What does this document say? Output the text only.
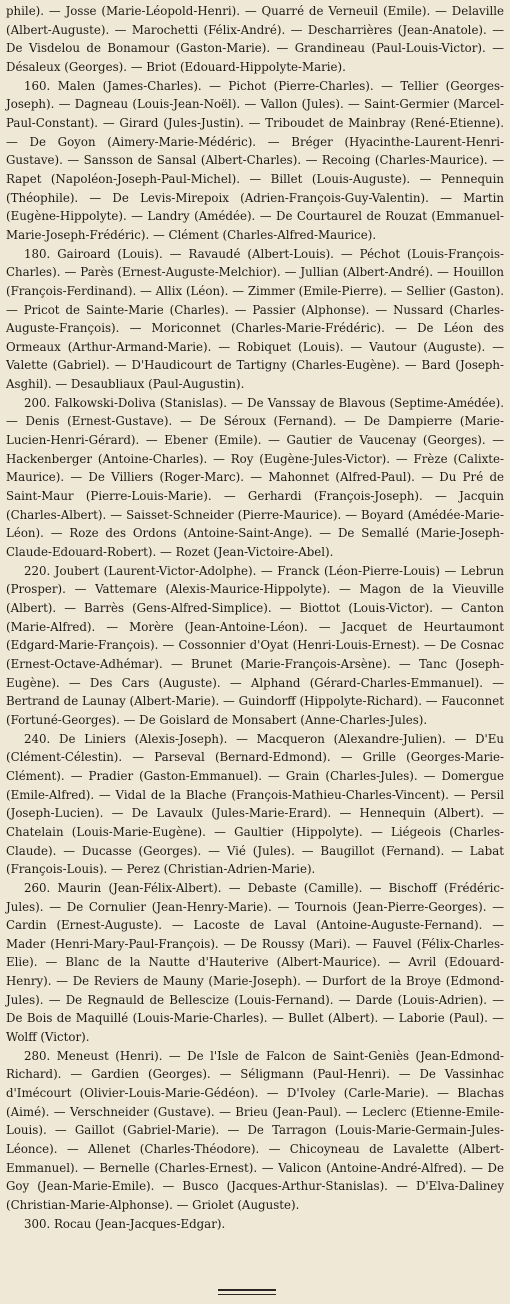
phile). — Josse (Marie-Léopold-Henri). — Quarré de Verneuil (Emile). — Delaville (Albert-Auguste). — Marochetti (Félix-André). — Descharrières (Jean-Anatole). — De Visdelou de Bonamour (Gaston-Marie). — Grandineau (Paul-Louis-Victor). — Désaleux (Georges). — Briot (Edouard-Hippolyte-Marie).

160. Malen (James-Charles). — Pichot (Pierre-Charles). — Tellier (Georges-Joseph). — Dagneau (Louis-Jean-Noël). — Vallon (Jules). — Saint-Germier (Marcel-Paul-Constant). — Girard (Jules-Justin). — Triboudet de Mainbray (René-Etienne). — De Goyon (Aimery-Marie-Médéric). — Bréger (Hyacinthe-Laurent-Henri-Gustave). — Sansson de Sansal (Albert-Charles). — Recoing (Charles-Maurice). — Rapet (Napoléon-Joseph-Paul-Michel). — Billet (Louis-Auguste). — Pennequin (Théophile). — De Levis-Mirepoix (Adrien-François-Guy-Valentin). — Martin (Eugène-Hippolyte). — Landry (Amédée). — De Courtaurel de Rouzat (Emmanuel-Marie-Joseph-Frédéric). — Clément (Charles-Alfred-Maurice).

180. Gairoard (Louis). — Ravaudé (Albert-Louis). — Péchot (Louis-François-Charles). — Parès (Ernest-Auguste-Melchior). — Jullian (Albert-André). — Houillon (François-Ferdinand). — Allix (Léon). — Zimmer (Emile-Pierre). — Sellier (Gaston). — Pricot de Sainte-Marie (Charles). — Passier (Alphonse). — Nussard (Charles-Auguste-François). — Moriconnet (Charles-Marie-Frédéric). — De Léon des Ormeaux (Arthur-Armand-Marie). — Robiquet (Louis). — Vautour (Auguste). — Valette (Gabriel). — D'Haudicourt de Tartigny (Charles-Eugène). — Bard (Joseph-Asghil). — Desaubliaux (Paul-Augustin).

200. Falkowski-Doliva (Stanislas). — De Vanssay de Blavous (Septime-Amédée). — Denis (Ernest-Gustave). — De Séroux (Fernand). — De Dampierre (Marie-Lucien-Henri-Gérard). — Ebener (Emile). — Gautier de Vaucenay (Georges). — Hackenberger (Antoine-Charles). — Roy (Eugène-Jules-Victor). — Frèze (Calixte-Maurice). — De Villiers (Roger-Marc). — Mahonnet (Alfred-Paul). — Du Pré de Saint-Maur (Pierre-Louis-Marie). — Gerhardi (François-Joseph). — Jacquin (Charles-Albert). — Saisset-Schneider (Pierre-Maurice). — Boyard (Amédée-Marie-Léon). — Roze des Ordons (Antoine-Saint-Ange). — De Semallé (Marie-Joseph-Claude-Edouard-Robert). — Rozet (Jean-Victoire-Abel).

220. Joubert (Laurent-Victor-Adolphe). — Franck (Léon-Pierre-Louis) — Lebrun (Prosper). — Vattemare (Alexis-Maurice-Hippolyte). — Magon de la Vieuville (Albert). — Barrès (Gens-Alfred-Simplice). — Biottot (Louis-Victor). — Canton (Marie-Alfred). — Morère (Jean-Antoine-Léon). — Jacquet de Heurtaumont (Edgard-Marie-François). — Cossonnier d'Oyat (Henri-Louis-Ernest). — De Cosnac (Ernest-Octave-Adhémar). — Brunet (Marie-François-Arsène). — Tanc (Joseph-Eugène). — Des Cars (Auguste). — Alphand (Gérard-Charles-Emmanuel). — Bertrand de Launay (Albert-Marie). — Guindorff (Hippolyte-Richard). — Fauconnet (Fortuné-Georges). — De Goislard de Monsabert (Anne-Charles-Jules).

240. De Liniers (Alexis-Joseph). — Macqueron (Alexandre-Julien). — D'Eu (Clément-Célestin). — Parseval (Bernard-Edmond). — Grille (Georges-Marie-Clément). — Pradier (Gaston-Emmanuel). — Grain (Charles-Jules). — Domergue (Emile-Alfred). — Vidal de la Blache (François-Mathieu-Charles-Vincent). — Persil (Joseph-Lucien). — De Lavaulx (Jules-Marie-Erard). — Hennequin (Albert). — Chatelain (Louis-Marie-Eugène). — Gaultier (Hippolyte). — Liégeois (Charles-Claude). — Ducasse (Georges). — Vié (Jules). — Baugillot (Fernand). — Labat (François-Louis). — Perez (Christian-Adrien-Marie).

260. Maurin (Jean-Félix-Albert). — Debaste (Camille). — Bischoff (Frédéric-Jules). — De Cornulier (Jean-Henry-Marie). — Tournois (Jean-Pierre-Georges). — Cardin (Ernest-Auguste). — Lacoste de Laval (Antoine-Auguste-Fernand). — Mader (Henri-Mary-Paul-François). — De Roussy (Mari). — Fauvel (Félix-Charles-Elie). — Blanc de la Nautte d'Hauterive (Albert-Maurice). — Avril (Edouard-Henry). — De Reviers de Mauny (Marie-Joseph). — Durfort de la Broye (Edmond-Jules). — De Regnauld de Bellescize (Louis-Fernand). — Darde (Louis-Adrien). — De Bois de Maquillé (Louis-Marie-Charles). — Bullet (Albert). — Laborie (Paul). — Wolff (Victor).

280. Meneust (Henri). — De l'Isle de Falcon de Saint-Geniès (Jean-Edmond-Richard). — Gardien (Georges). — Séligmann (Paul-Henri). — De Vassinhac d'Imécourt (Olivier-Louis-Marie-Gédéon). — D'Ivoley (Carle-Marie). — Blachas (Aimé). — Verschneider (Gustave). — Brieu (Jean-Paul). — Leclerc (Etienne-Emile-Louis). — Gaillot (Gabriel-Marie). — De Tarragon (Louis-Marie-Germain-Jules-Léonce). — Allenet (Charles-Théodore). — Chicoyneau de Lavalette (Albert-Emmanuel). — Bernelle (Charles-Ernest). — Valicon (Antoine-André-Alfred). — De Goy (Jean-Marie-Emile). — Busco (Jacques-Arthur-Stanislas). — D'Elva-Daliney (Christian-Marie-Alphonse). — Griolet (Auguste).

300. Rocau (Jean-Jacques-Edgar).
